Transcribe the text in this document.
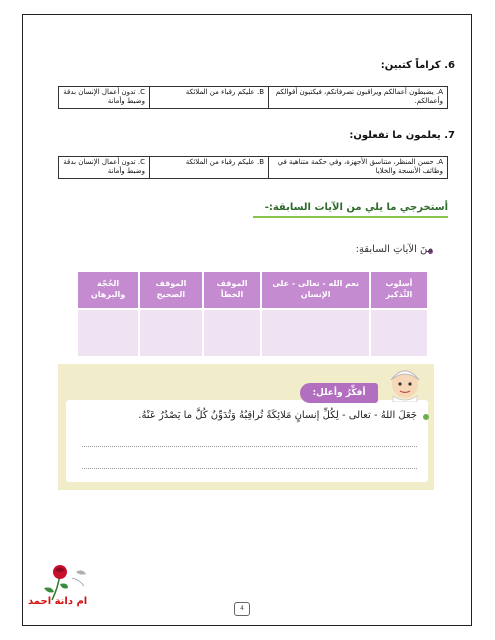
6. كراماً كتبين:
A. يضبطون أعمالكم ويراقبون تصرفاتكم، فيكتبون أقوالكم وأعمالكم.	B. عليكم رقباء من الملائكة	C. تدون أعمال الإنسان بدقة وضبط وأمانة
7. يعلمون ما تفعلون:
A. حسن المنظر، متناسق الأجهزة، وفي حكمة متناهية في وظائف الأنسجة والخلايا	B. عليكم رقباء من الملائكة	C. تدون أعمال الإنسان بدقة وضبط وأمانة
أستخرجي ما يلي من الآيات السابقة:-
مِنَ الآياتِ السابقةِ:
أسلوب التَّذكير	نعم الله - تعالى - على الإنسان	الموقف الخطأ	الموقف الصحيح	الحُجّة والبرهان

أفكِّرُ وأعلل:
جَعَلَ اللهُ - تعالى - لِكُلِّ إنسانٍ مَلائِكَةً تُراقِبُهُ وَتُدَوِّنُ كُلَّ ما يَصْدُرُ عَنْهُ.
ام دانة احمد
4
